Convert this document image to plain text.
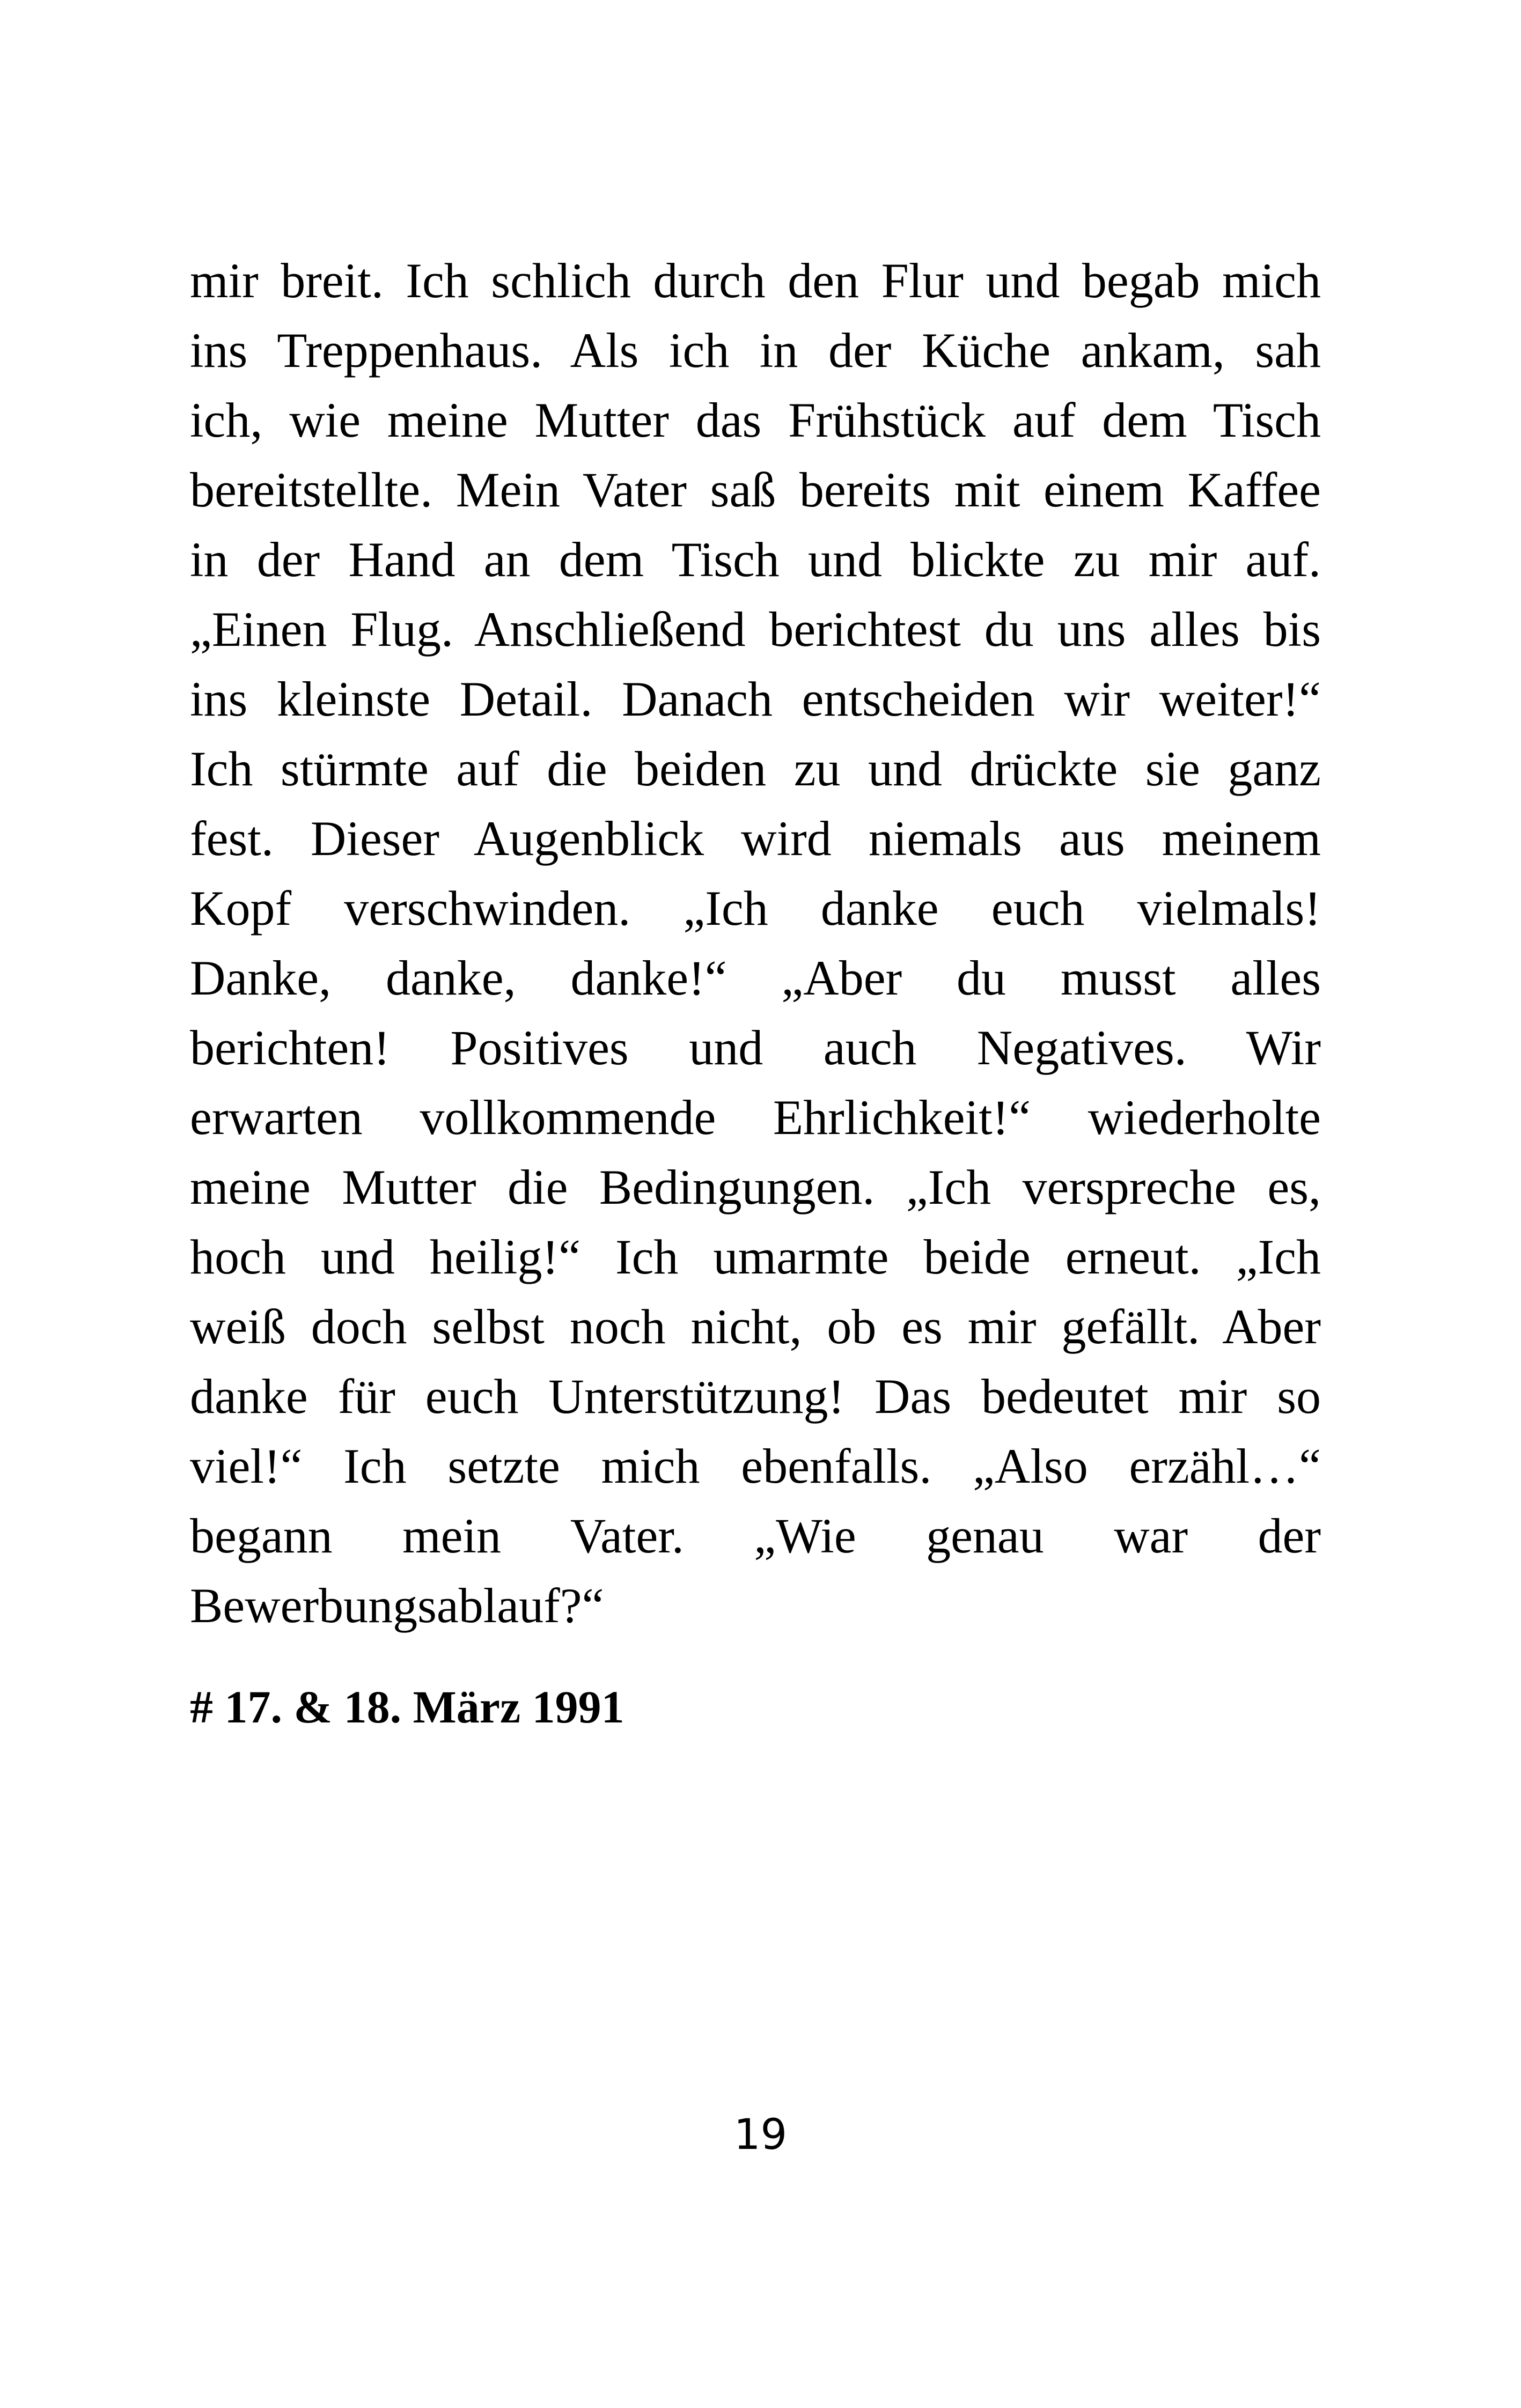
mir breit. Ich schlich durch den Flur und begab mich
ins Treppenhaus. Als ich in der Küche ankam, sah
ich, wie meine Mutter das Frühstück auf dem Tisch
bereitstellte. Mein Vater saß bereits mit einem Kaffee
in der Hand an dem Tisch und blickte zu mir auf.
„Einen Flug. Anschließend berichtest du uns alles bis
ins kleinste Detail. Danach entscheiden wir weiter!“
Ich stürmte auf die beiden zu und drückte sie ganz
fest. Dieser Augenblick wird niemals aus meinem
Kopf verschwinden. „Ich danke euch vielmals!
Danke, danke, danke!“ „Aber du musst alles
berichten! Positives und auch Negatives. Wir
erwarten vollkommende Ehrlichkeit!“ wiederholte
meine Mutter die Bedingungen. „Ich verspreche es,
hoch und heilig!“ Ich umarmte beide erneut. „Ich
weiß doch selbst noch nicht, ob es mir gefällt. Aber
danke für euch Unterstützung! Das bedeutet mir so
viel!“ Ich setzte mich ebenfalls. „Also erzähl…“
begann mein Vater. „Wie genau war der
Bewerbungsablauf?“
# 17. & 18. März 1991
19
